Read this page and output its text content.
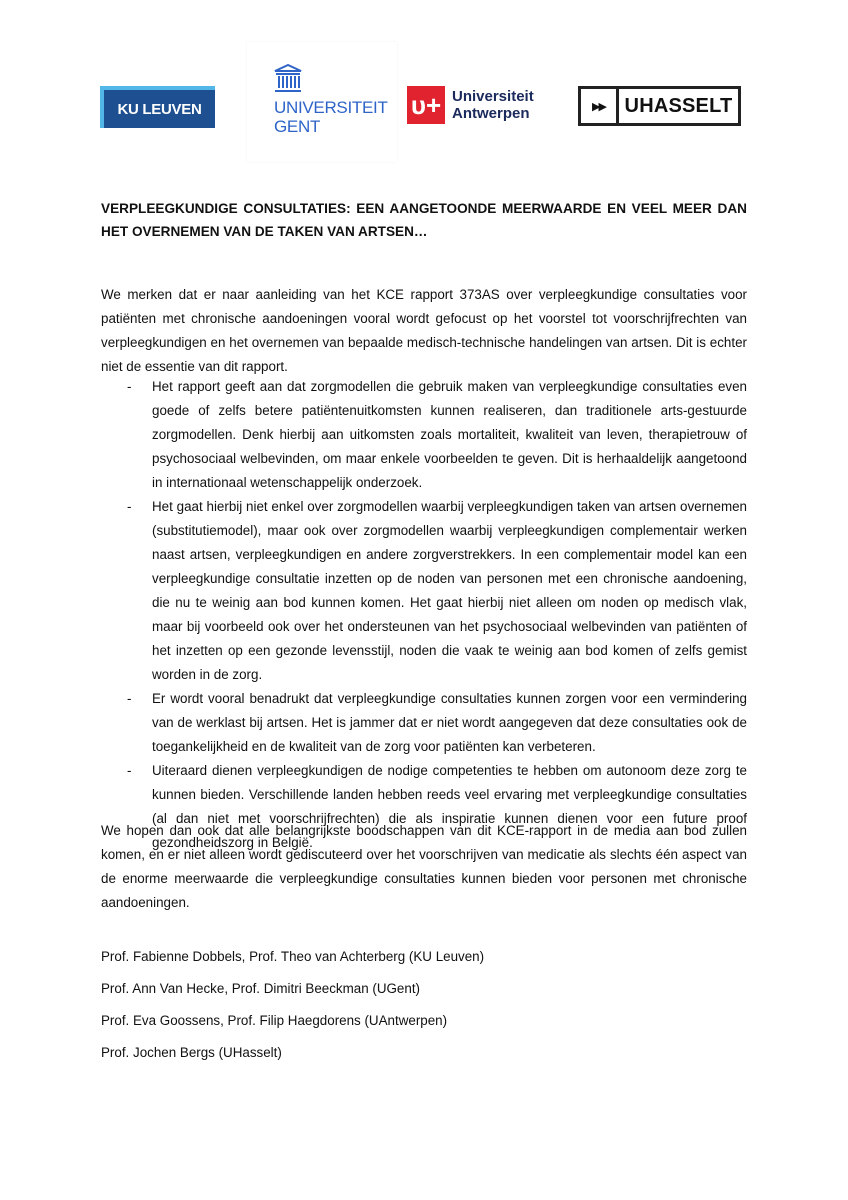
KU LEUVEN	UNIVERSITEIT
GENT
ᴜ+ Universiteit
Antwerpen	▶▶ UHASSELT
VERPLEEGKUNDIGE CONSULTATIES: EEN AANGETOONDE MEERWAARDE EN VEEL MEER DAN HET OVERNEMEN VAN DE TAKEN VAN ARTSEN…

We merken dat er naar aanleiding van het KCE rapport 373AS over verpleegkundige consultaties voor patiënten met chronische aandoeningen vooral wordt gefocust op het voorstel tot voorschrijfrechten van verpleegkundigen en het overnemen van bepaalde medisch-technische handelingen van artsen. Dit is echter niet de essentie van dit rapport.

- Het rapport geeft aan dat zorgmodellen die gebruik maken van verpleegkundige consultaties even goede of zelfs betere patiëntenuitkomsten kunnen realiseren, dan traditionele arts-gestuurde zorgmodellen. Denk hierbij aan uitkomsten zoals mortaliteit, kwaliteit van leven, therapietrouw of psychosociaal welbevinden, om maar enkele voorbeelden te geven. Dit is herhaaldelijk aangetoond in internationaal wetenschappelijk onderzoek.
- Het gaat hierbij niet enkel over zorgmodellen waarbij verpleegkundigen taken van artsen overnemen (substitutiemodel), maar ook over zorgmodellen waarbij verpleegkundigen complementair werken naast artsen, verpleegkundigen en andere zorgverstrekkers. In een complementair model kan een verpleegkundige consultatie inzetten op de noden van personen met een chronische aandoening, die nu te weinig aan bod kunnen komen. Het gaat hierbij niet alleen om noden op medisch vlak, maar bij voorbeeld ook over het ondersteunen van het psychosociaal welbevinden van patiënten of het inzetten op een gezonde levensstijl, noden die vaak te weinig aan bod komen of zelfs gemist worden in de zorg.
- Er wordt vooral benadrukt dat verpleegkundige consultaties kunnen zorgen voor een vermindering van de werklast bij artsen. Het is jammer dat er niet wordt aangegeven dat deze consultaties ook de toegankelijkheid en de kwaliteit van de zorg voor patiënten kan verbeteren.
- Uiteraard dienen verpleegkundigen de nodige competenties te hebben om autonoom deze zorg te kunnen bieden. Verschillende landen hebben reeds veel ervaring met verpleegkundige consultaties (al dan niet met voorschrijfrechten) die als inspiratie kunnen dienen voor een future proof gezondheidszorg in België.

We hopen dan ook dat alle belangrijkste boodschappen van dit KCE-rapport in de media aan bod zullen komen, en er niet alleen wordt gediscuteerd over het voorschrijven van medicatie als slechts één aspect van de enorme meerwaarde die verpleegkundige consultaties kunnen bieden voor personen met chronische aandoeningen.

Prof. Fabienne Dobbels, Prof. Theo van Achterberg (KU Leuven)
Prof. Ann Van Hecke, Prof. Dimitri Beeckman (UGent)
Prof. Eva Goossens, Prof. Filip Haegdorens (UAntwerpen)
Prof. Jochen Bergs (UHasselt)
